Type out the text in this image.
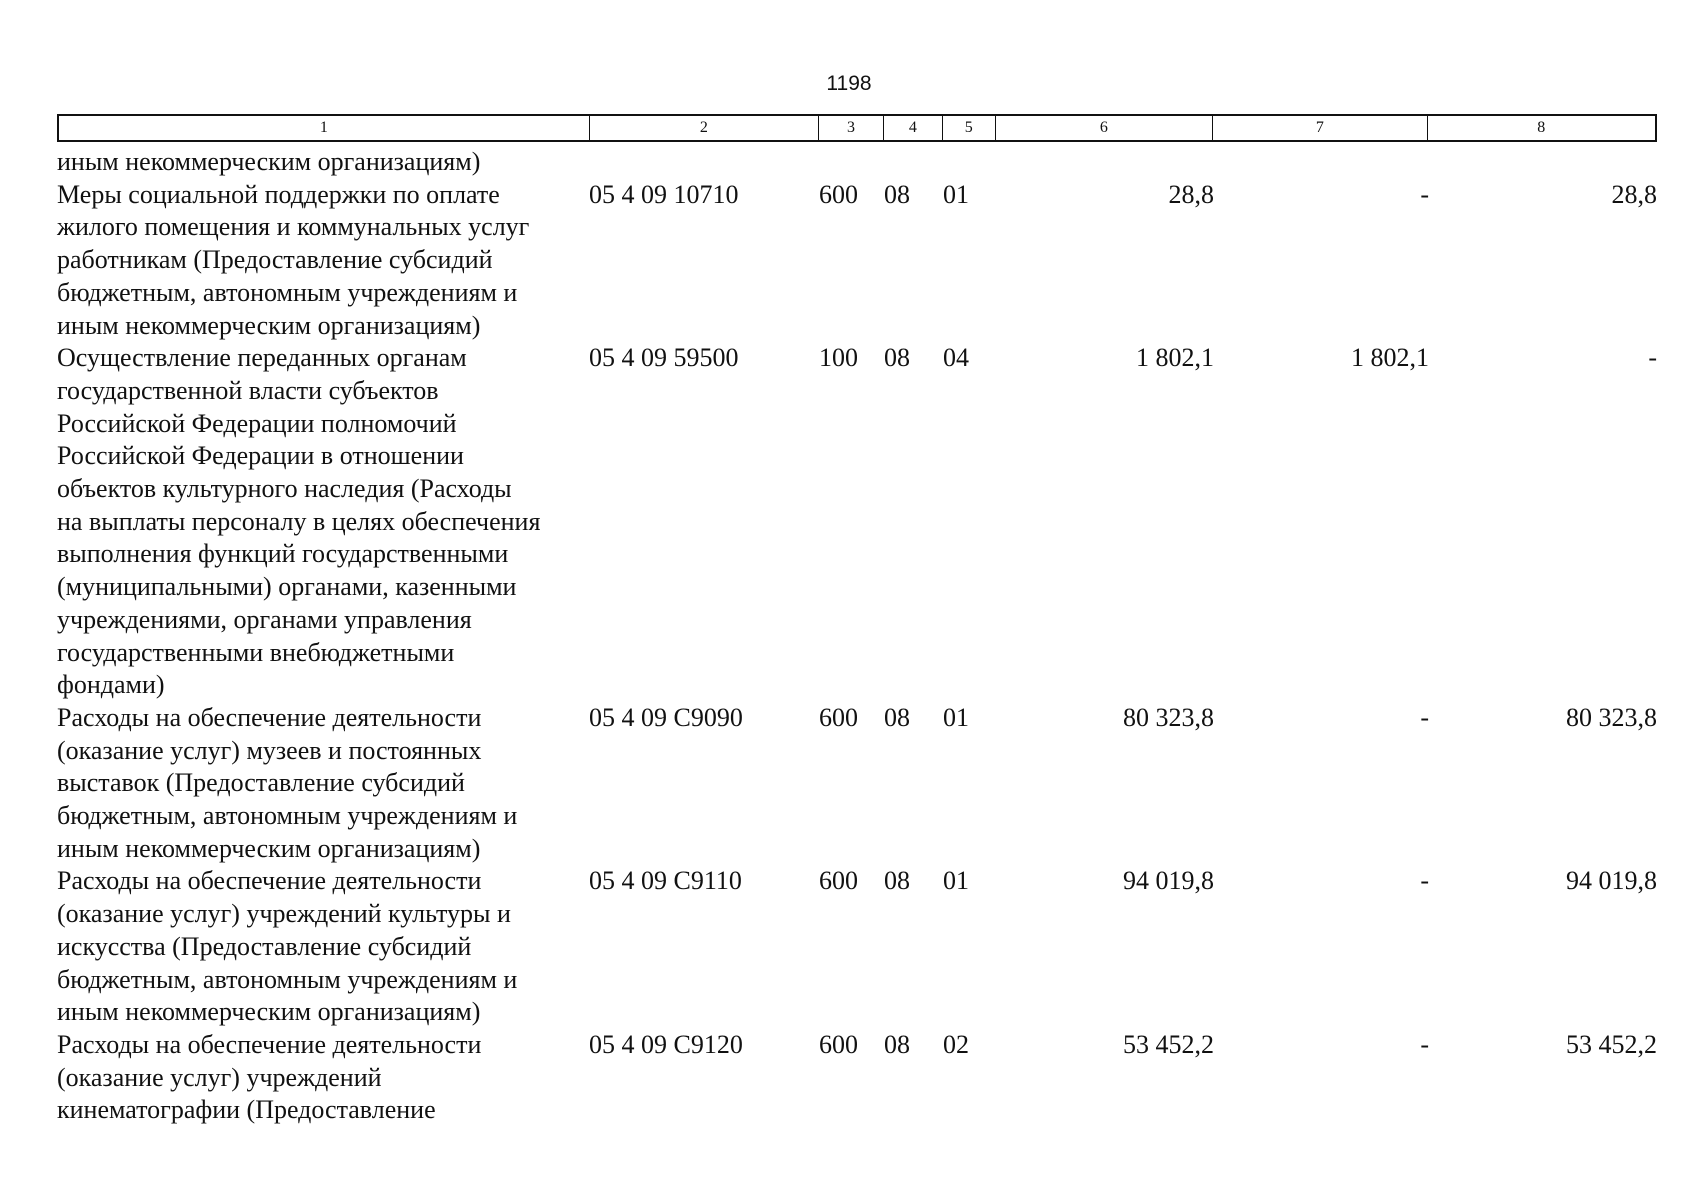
1198
1	2	3	4	5	6	7	8
иным некоммерческим организациям)
Меры социальной поддержки по оплате
жилого помещения и коммунальных услуг
работникам (Предоставление субсидий
бюджетным, автономным учреждениям и
иным некоммерческим организациям)
05 4 09 10710	600	08	01	28,8	-	28,8
Осуществление переданных органам
государственной власти субъектов
Российской Федерации полномочий
Российской Федерации в отношении
объектов культурного наследия (Расходы
на выплаты персоналу в целях обеспечения
выполнения функций государственными
(муниципальными) органами, казенными
учреждениями, органами управления
государственными внебюджетными
фондами)
05 4 09 59500	100	08	04	1 802,1	1 802,1	-
Расходы на обеспечение деятельности
(оказание услуг) музеев и постоянных
выставок (Предоставление субсидий
бюджетным, автономным учреждениям и
иным некоммерческим организациям)
05 4 09 С9090	600	08	01	80 323,8	-	80 323,8
Расходы на обеспечение деятельности
(оказание услуг) учреждений культуры и
искусства (Предоставление субсидий
бюджетным, автономным учреждениям и
иным некоммерческим организациям)
05 4 09 С9110	600	08	01	94 019,8	-	94 019,8
Расходы на обеспечение деятельности
(оказание услуг) учреждений
кинематографии (Предоставление
05 4 09 С9120	600	08	02	53 452,2	-	53 452,2
